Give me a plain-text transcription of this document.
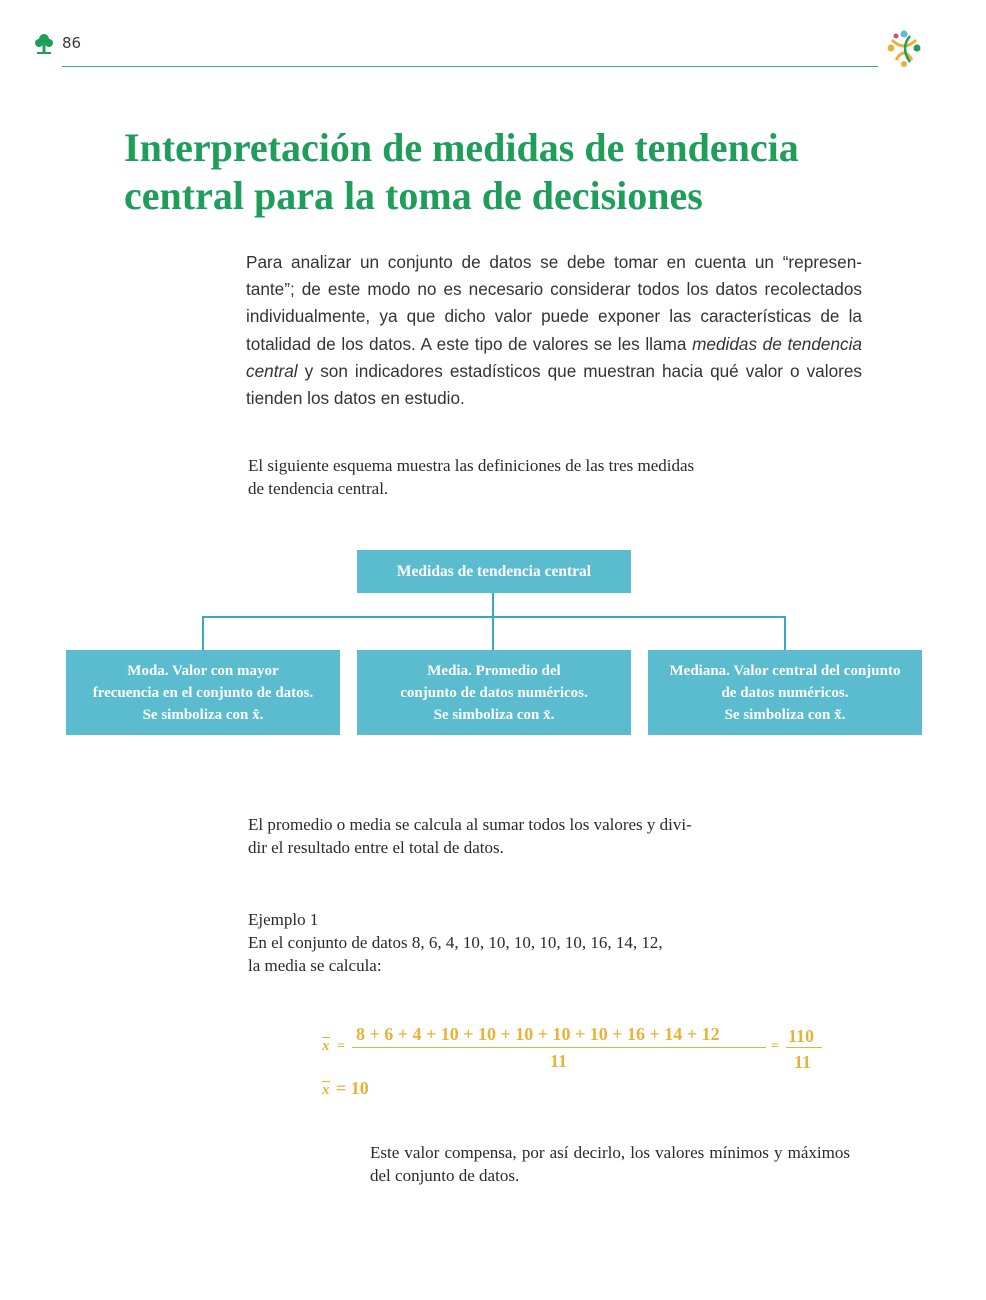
86
Interpretación de medidas de tendencia
central para la toma de decisiones

Para analizar un conjunto de datos se debe tomar en cuenta un “represen-tante”; de este modo no es necesario considerar todos los datos recolectados individualmente, ya que dicho valor puede exponer las características de la totalidad de los datos. A este tipo de valores se les llama medidas de tendencia central y son indicadores estadísticos que muestran hacia qué valor o valores tienden los datos en estudio.

El siguiente esquema muestra las definiciones de las tres medidas
de tendencia central.

Medidas de tendencia central
Moda. Valor con mayor
frecuencia en el conjunto de datos.
Se simboliza con x̂.
Media. Promedio del
conjunto de datos numéricos.
Se simboliza con x̄.
Mediana. Valor central del conjunto
de datos numéricos.
Se simboliza con x̃.

El promedio o media se calcula al sumar todos los valores y divi-
dir el resultado entre el total de datos.

Ejemplo 1
En el conjunto de datos 8, 6, 4, 10, 10, 10, 10, 10, 16, 14, 12,
la media se calcula:

x =
8 + 6 + 4 + 10 + 10 + 10 + 10 + 10 + 16 + 14 + 12
11
=
110
11
x = 10

Este valor compensa, por así decirlo, los valores mínimos y máximos del conjunto de datos.
